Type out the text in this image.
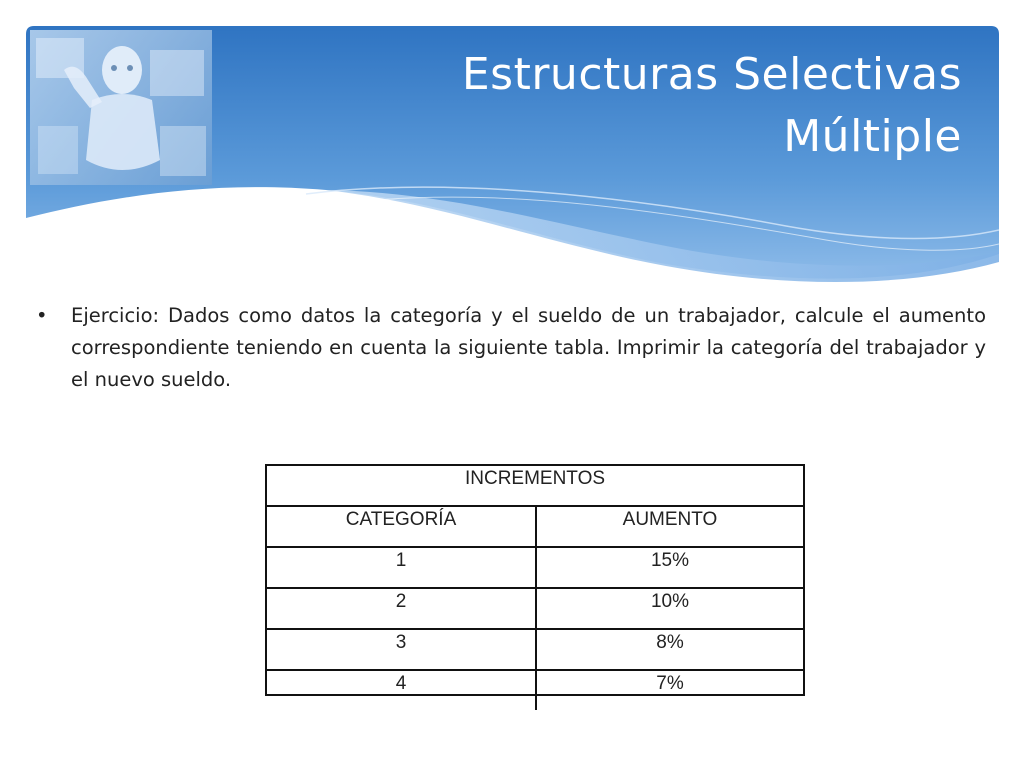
Estructuras Selectivas
Múltiple
•	Ejercicio: Dados como datos la categoría y el sueldo de un trabajador, calcule el aumento correspondiente teniendo en cuenta la siguiente tabla. Imprimir la categoría del trabajador y el nuevo sueldo.
INCREMENTOS	
CATEGORÍA	AUMENTO
1	15%
2	10%
3	8%
4	7%
